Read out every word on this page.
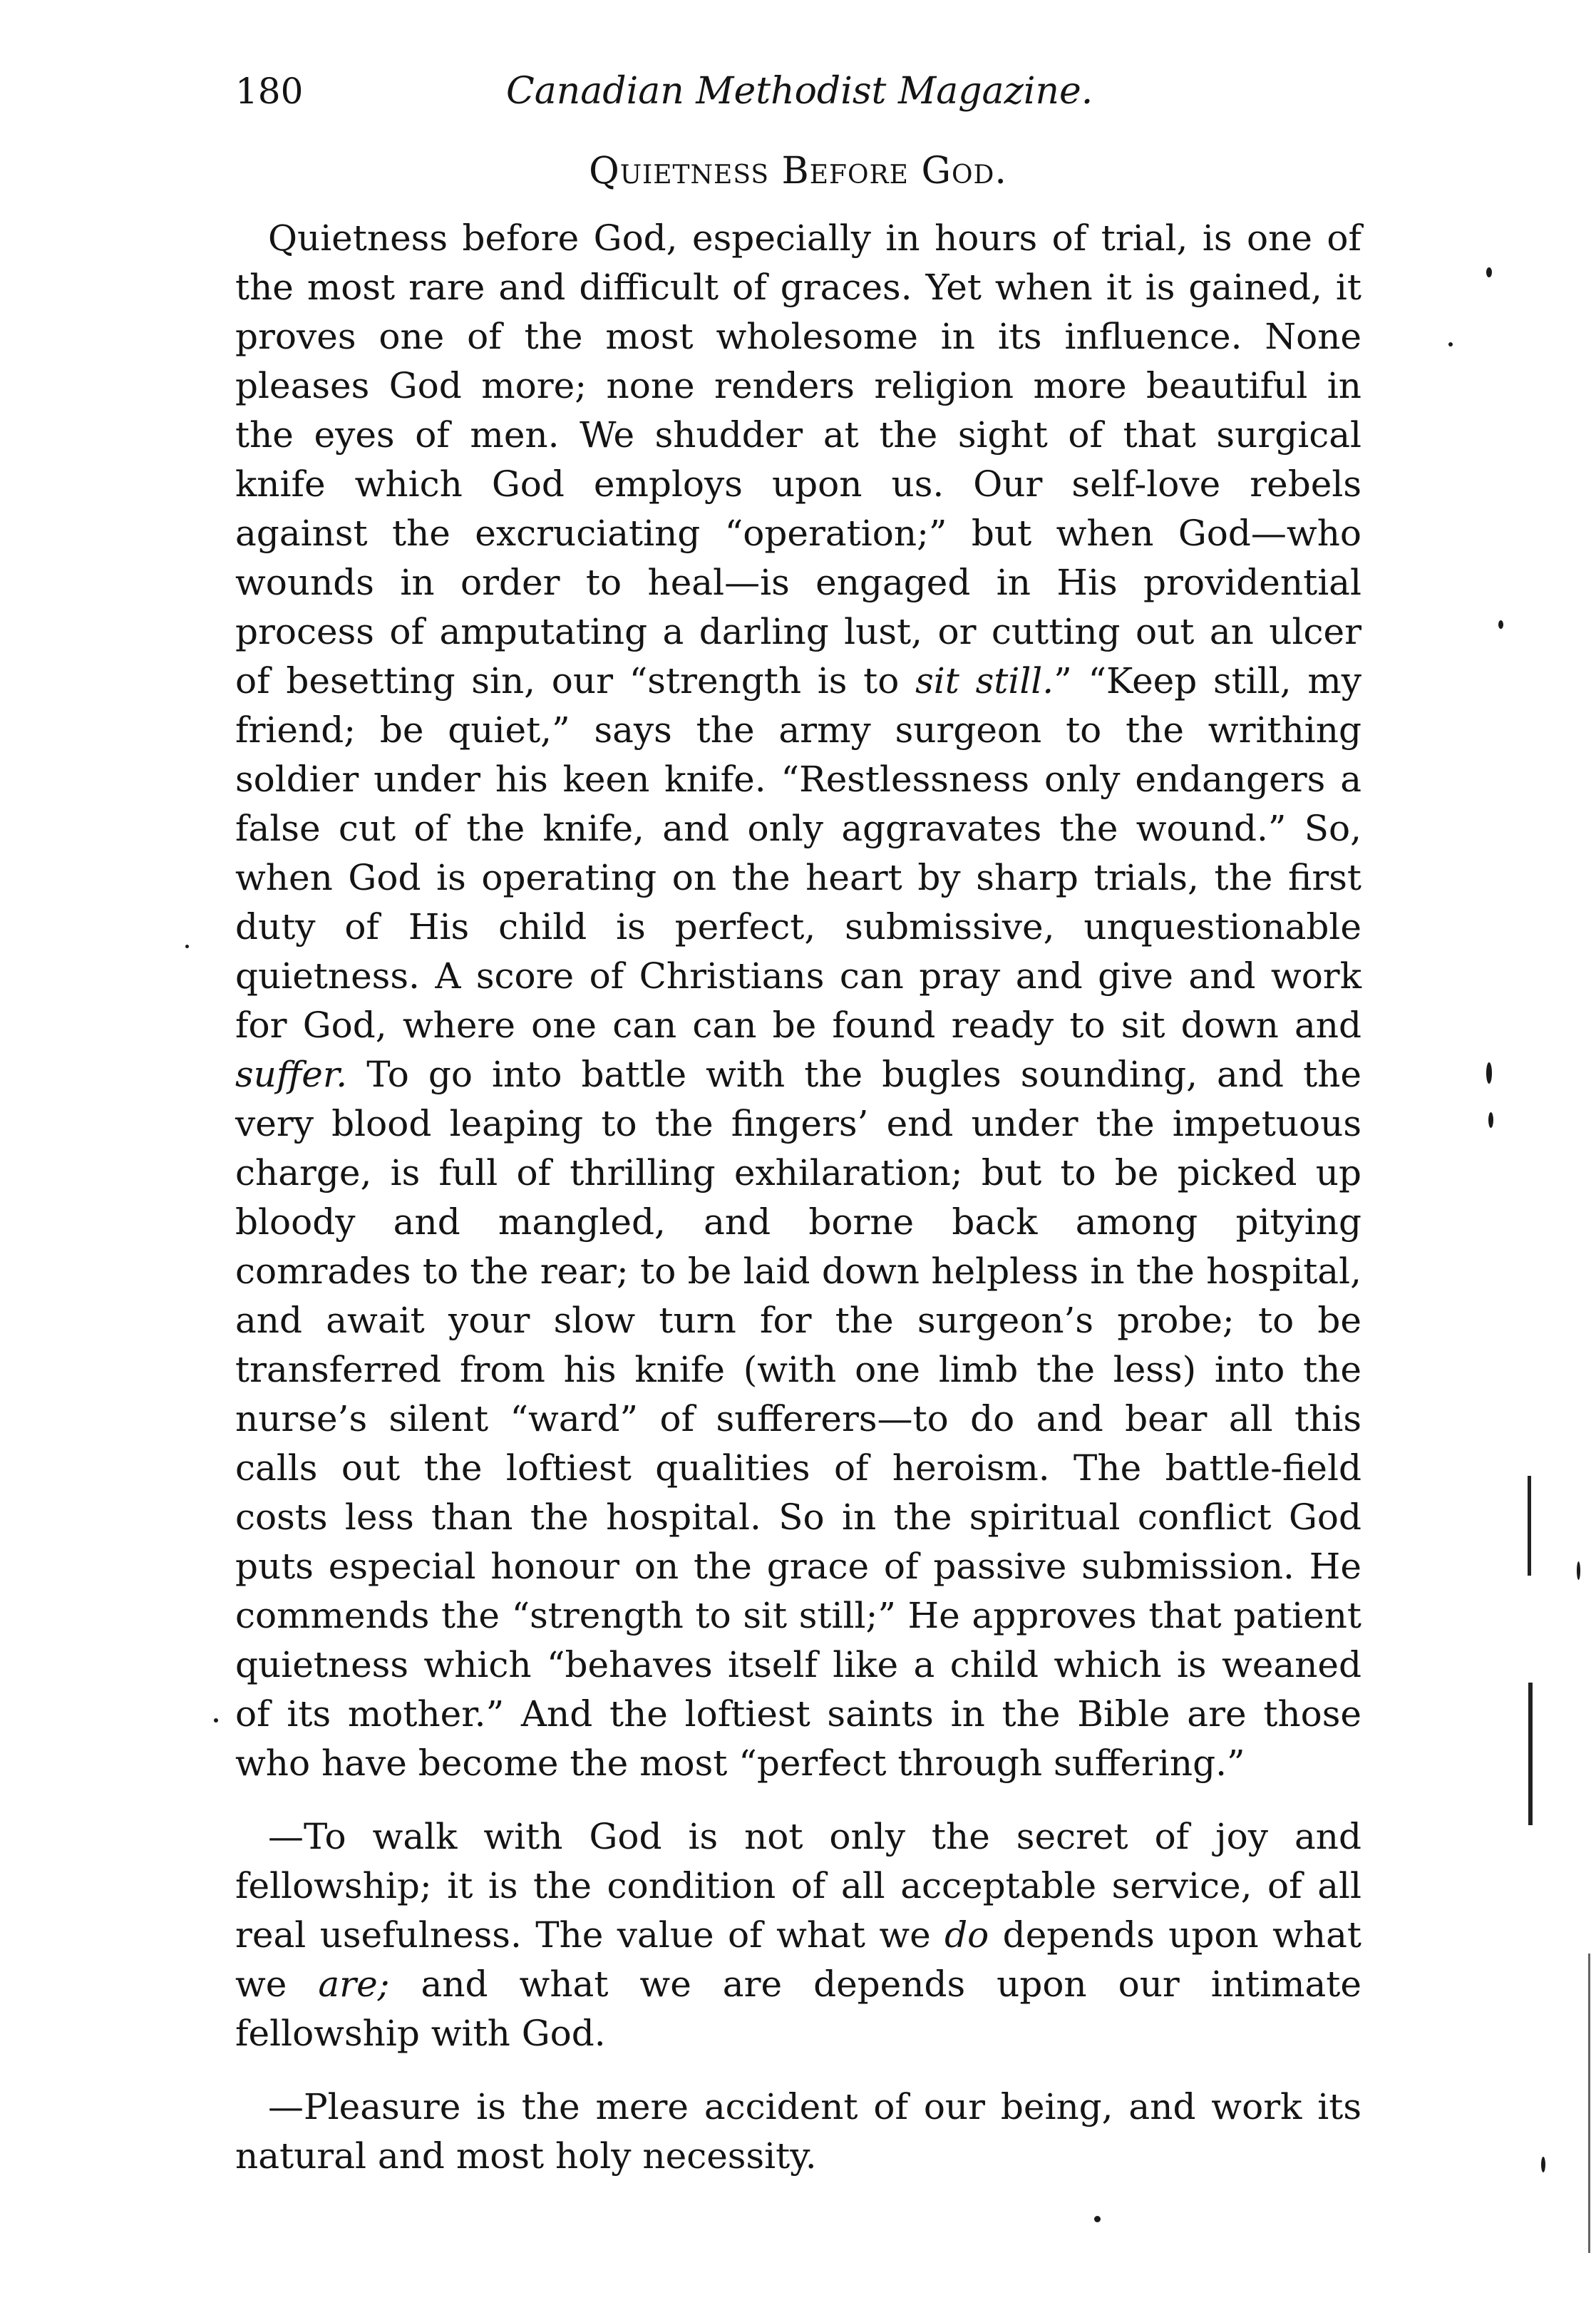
180	Canadian Methodist Magazine.
Quietness Before God.

Quietness before God, especially in hours of trial, is one of the most rare and difficult of graces. Yet when it is gained, it proves one of the most wholesome in its influence. None pleases God more; none renders religion more beautiful in the eyes of men. We shudder at the sight of that surgical knife which God employs upon us. Our self-love rebels against the excruciating “operation;” but when God—who wounds in order to heal—is engaged in His providential process of amputating a darling lust, or cutting out an ulcer of besetting sin, our “strength is to sit still.” “Keep still, my friend; be quiet,” says the army surgeon to the writhing soldier under his keen knife. “Restlessness only endangers a false cut of the knife, and only aggravates the wound.” So, when God is operating on the heart by sharp trials, the first duty of His child is perfect, submissive, unquestionable quietness. A score of Christians can pray and give and work for God, where one can can be found ready to sit down and suffer. To go into battle with the bugles sounding, and the very blood leaping to the fingers’ end under the impetuous charge, is full of thrilling exhilaration; but to be picked up bloody and mangled, and borne back among pitying comrades to the rear; to be laid down helpless in the hospital, and await your slow turn for the surgeon’s probe; to be transferred from his knife (with one limb the less) into the nurse’s silent “ward” of sufferers—to do and bear all this calls out the loftiest qualities of heroism. The battle-field costs less than the hospital. So in the spiritual conflict God puts especial honour on the grace of passive submission. He commends the “strength to sit still;” He approves that patient quietness which “behaves itself like a child which is weaned of its mother.” And the loftiest saints in the Bible are those who have become the most “perfect through suffering.”

—To walk with God is not only the secret of joy and fellowship; it is the condition of all acceptable service, of all real usefulness. The value of what we do depends upon what we are; and what we are depends upon our intimate fellowship with God.

—Pleasure is the mere accident of our being, and work its natural and most holy necessity.
